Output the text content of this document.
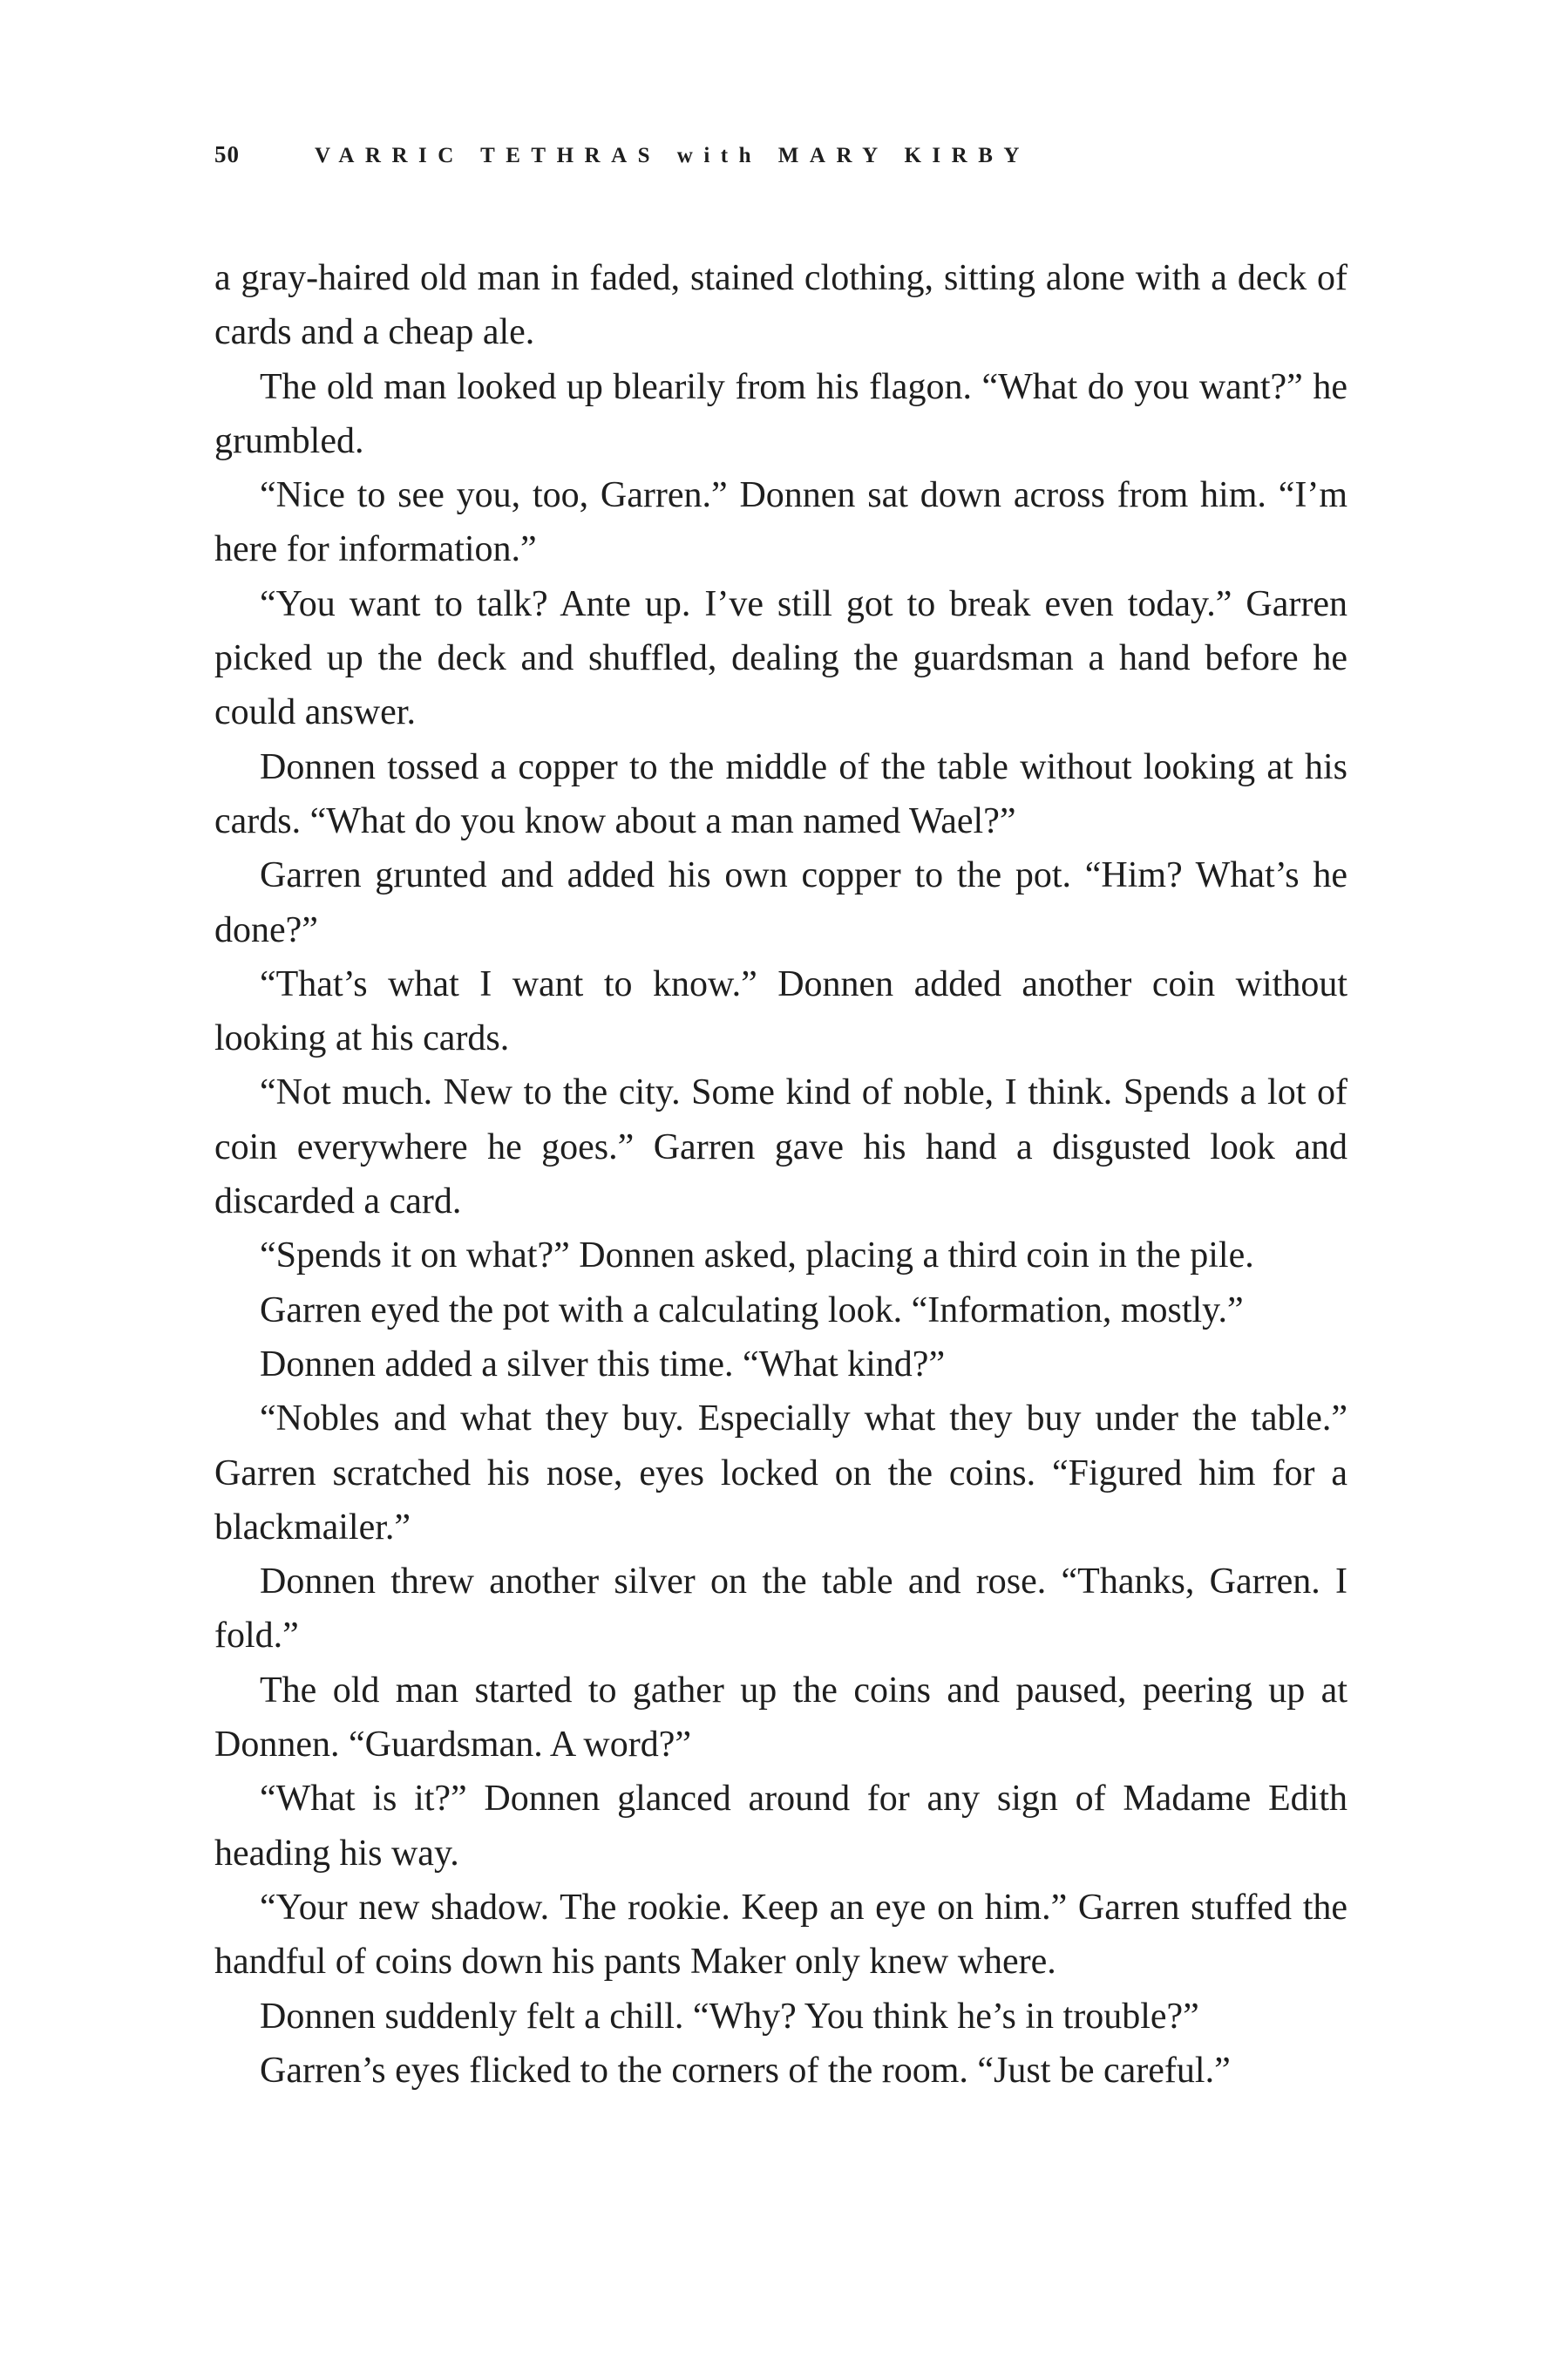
50	VARRIC TETHRAS with MARY KIRBY

a gray-haired old man in faded, stained clothing, sitting alone with a deck of cards and a cheap ale.

The old man looked up blearily from his flagon. “What do you want?” he grumbled.

“Nice to see you, too, Garren.” Donnen sat down across from him. “I’m here for information.”

“You want to talk? Ante up. I’ve still got to break even today.” Garren picked up the deck and shuffled, dealing the guardsman a hand before he could answer.

Donnen tossed a copper to the middle of the table without looking at his cards. “What do you know about a man named Wael?”

Garren grunted and added his own copper to the pot. “Him? What’s he done?”

“That’s what I want to know.” Donnen added another coin without looking at his cards.

“Not much. New to the city. Some kind of noble, I think. Spends a lot of coin everywhere he goes.” Garren gave his hand a disgusted look and discarded a card.

“Spends it on what?” Donnen asked, placing a third coin in the pile.

Garren eyed the pot with a calculating look. “Information, mostly.”

Donnen added a silver this time. “What kind?”

“Nobles and what they buy. Especially what they buy under the table.” Garren scratched his nose, eyes locked on the coins. “Figured him for a blackmailer.”

Donnen threw another silver on the table and rose. “Thanks, Garren. I fold.”

The old man started to gather up the coins and paused, peering up at Donnen. “Guardsman. A word?”

“What is it?” Donnen glanced around for any sign of Madame Edith heading his way.

“Your new shadow. The rookie. Keep an eye on him.” Garren stuffed the handful of coins down his pants Maker only knew where.

Donnen suddenly felt a chill. “Why? You think he’s in trouble?”

Garren’s eyes flicked to the corners of the room. “Just be careful.”
